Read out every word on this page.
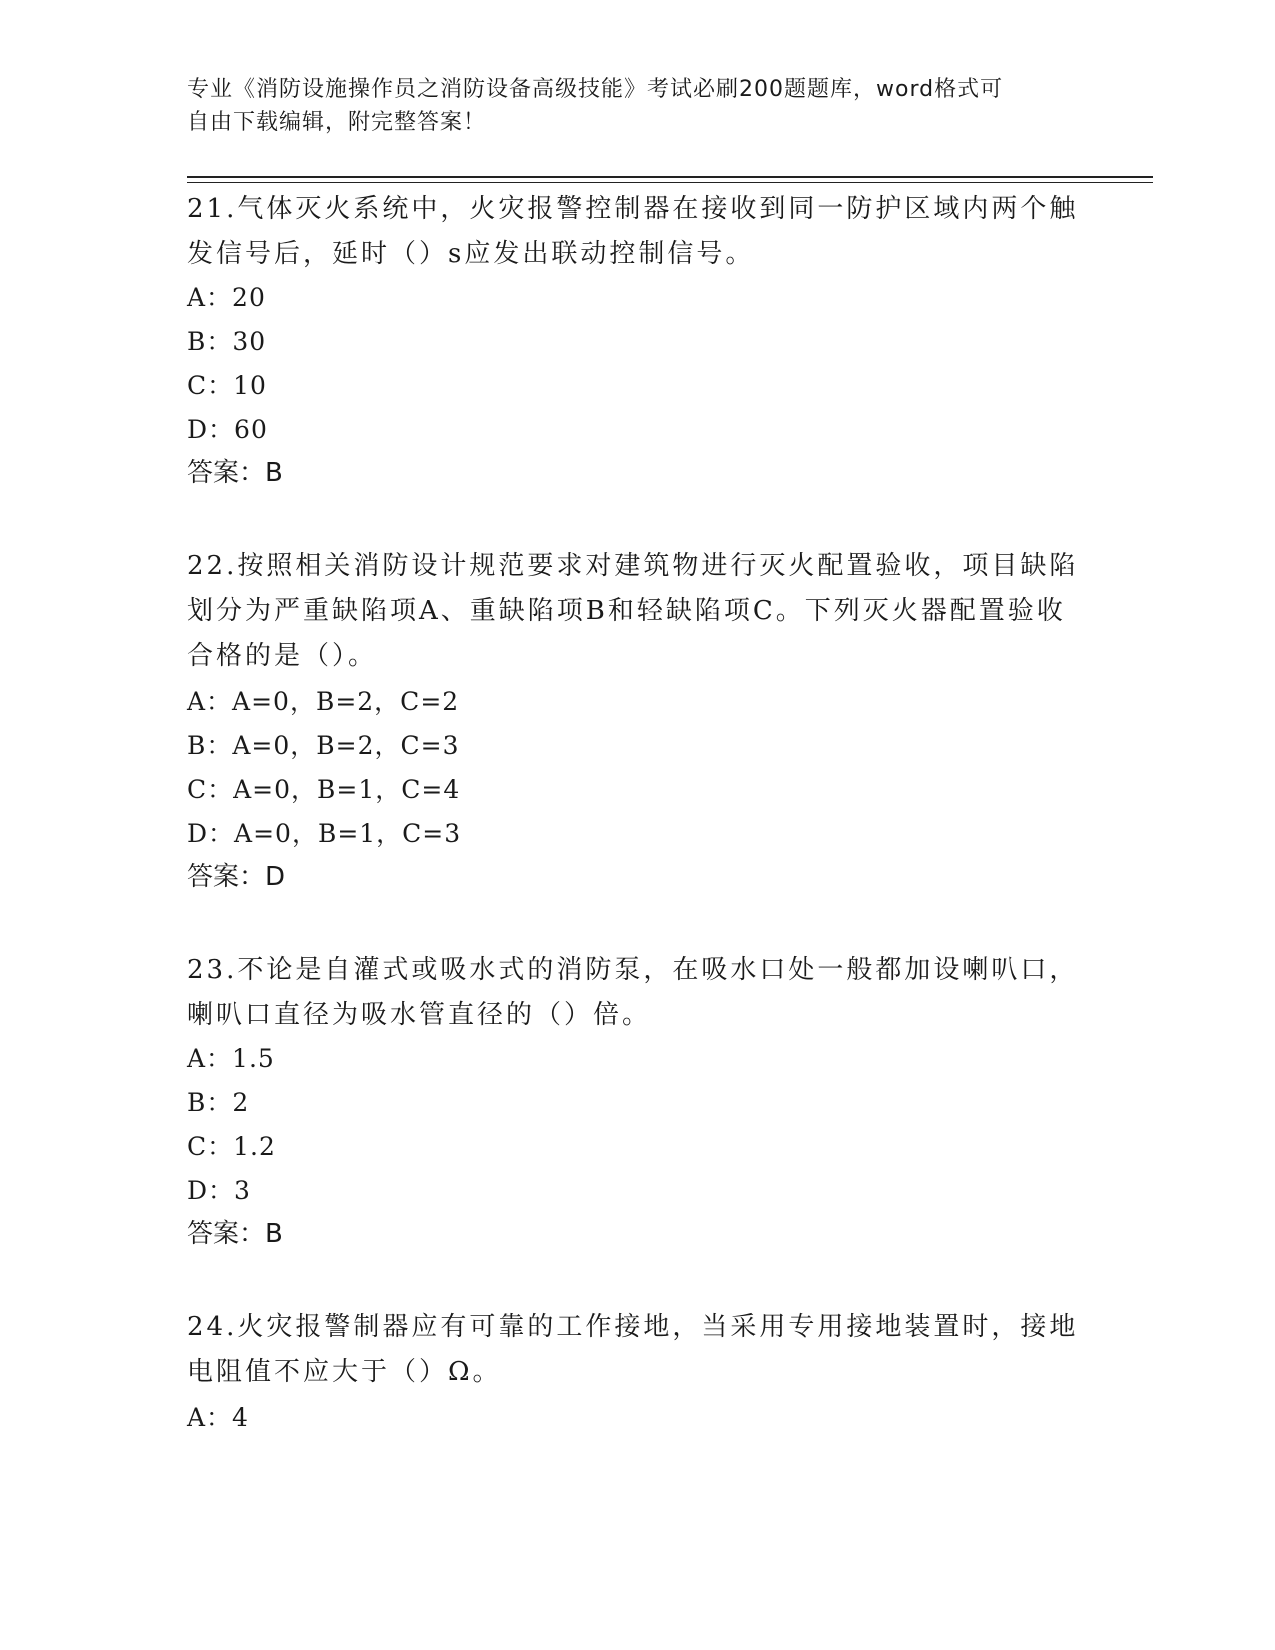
专业《消防设施操作员之消防设备高级技能》考试必刷200题题库，word格式可
自由下载编辑，附完整答案！
21.气体灭火系统中，火灾报警控制器在接收到同一防护区域内两个触
发信号后，延时（）s应发出联动控制信号。
A：20
B：30
C：10
D：60
答案：B
22.按照相关消防设计规范要求对建筑物进行灭火配置验收，项目缺陷
划分为严重缺陷项A、重缺陷项B和轻缺陷项C。下列灭火器配置验收
合格的是（）。
A：A=0，B=2，C=2
B：A=0，B=2，C=3
C：A=0，B=1，C=4
D：A=0，B=1，C=3
答案：D
23.不论是自灌式或吸水式的消防泵，在吸水口处一般都加设喇叭口，
喇叭口直径为吸水管直径的（）倍。
A：1.5
B：2
C：1.2
D：3
答案：B
24.火灾报警制器应有可靠的工作接地，当采用专用接地装置时，接地
电阻值不应大于（）Ω。
A：4
